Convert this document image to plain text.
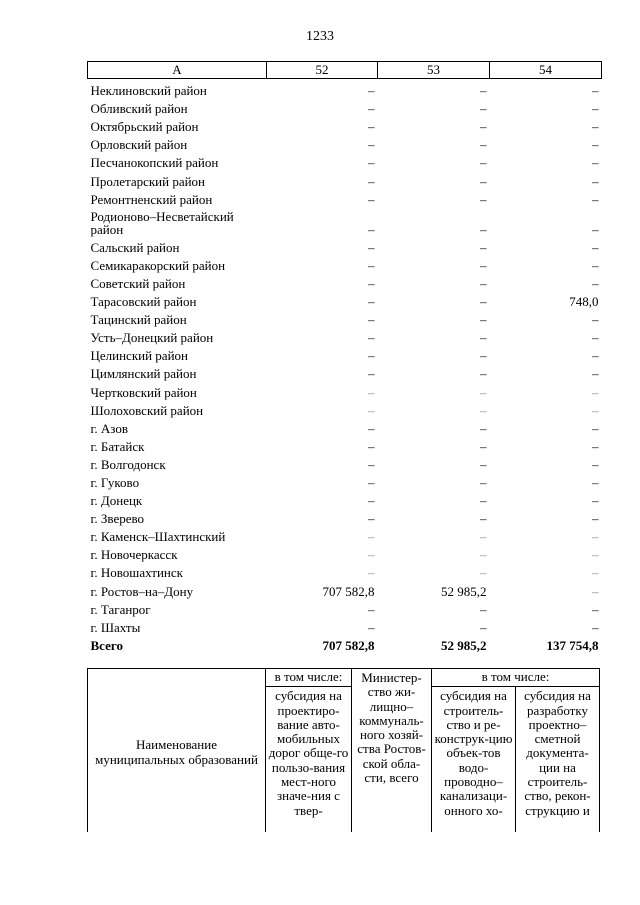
1233
А	52	53	54
Неклиновский район	–	–	–
Обливский район	–	–	–
Октябрьский район	–	–	–
Орловский район	–	–	–
Песчанокопский район	–	–	–
Пролетарский район	–	–	–
Ремонтненский район	–	–	–
Родионово–Несветайский район	–	–	–
Сальский район	–	–	–
Семикаракорский район	–	–	–
Советский район	–	–	–
Тарасовский район	–	–	748,0
Тацинский район	–	–	–
Усть–Донецкий район	–	–	–
Целинский район	–	–	–
Цимлянский район	–	–	–
Чертковский район	–	–	–
Шолоховский район	–	–	–
г. Азов	–	–	–
г. Батайск	–	–	–
г. Волгодонск	–	–	–
г. Гуково	–	–	–
г. Донецк	–	–	–
г. Зверево	–	–	–
г. Каменск–Шахтинский	–	–	–
г. Новочеркасск	–	–	–
г. Новошахтинск	–	–	–
г. Ростов–на–Дону	707 582,8	52 985,2	–
г. Таганрог	–	–	–
г. Шахты	–	–	–
Всего	707 582,8	52 985,2	137 754,8
Наименование муниципальных образований	в том числе:	Министер-ство жи-лищно–коммуналь-ного хозяй-ства Ростов-ской обла-сти, всего	в том числе:	
	субсидия на проектиро-вание авто-мобильных дорог обще-го пользо-вания мест-ного значе-ния с твер-		субсидия на строитель-ство и ре-конструк-цию объек-тов водо-проводно–канализаци-онного хо-	субсидия на разработку проектно–сметной документа-ции на строитель-ство, рекон-струкцию и
